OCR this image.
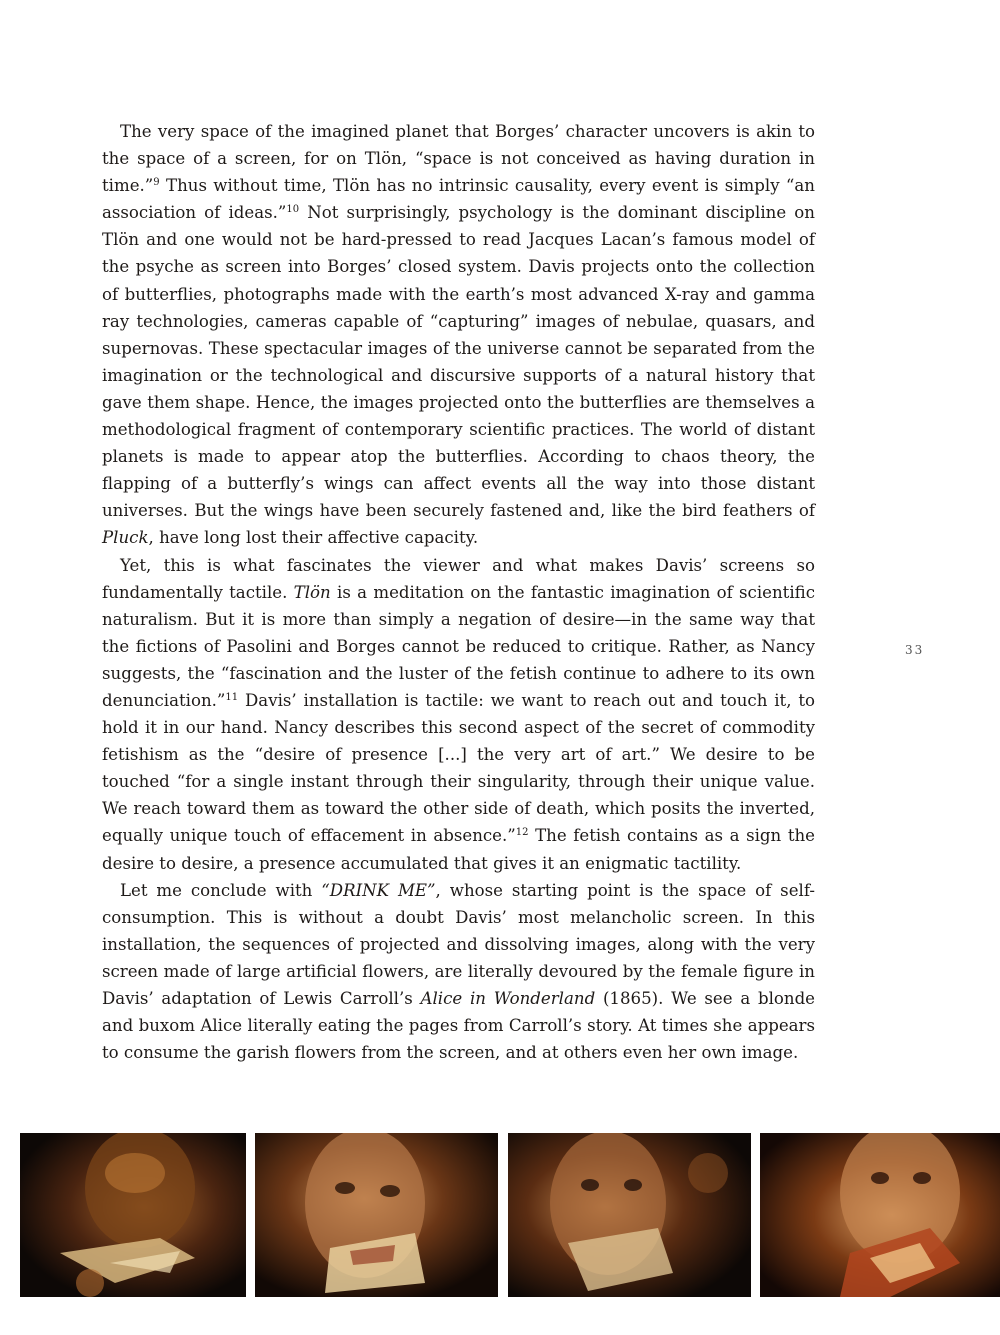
The very space of the imagined planet that Borges’ character uncovers is akin to the space of a screen, for on Tlön, “space is not conceived as having duration in time.”$^9$ Thus without time, Tlön has no intrinsic causality, every event is simply “an association of ideas.”$^{10}$ Not surprisingly, psychology is the dominant discipline on Tlön and one would not be hard-pressed to read Jacques Lacan’s famous model of the psyche as screen into Borges’ closed system. Davis projects onto the collection of butterflies, photographs made with the earth’s most advanced X-ray and gamma ray technologies, cameras capable of “capturing” images of nebulae, quasars, and supernovas. These spectacular images of the universe cannot be separated from the imagination or the technological and discursive supports of a natural history that gave them shape. Hence, the images projected onto the butterflies are themselves a methodological fragment of contemporary scientific practices. The world of distant planets is made to appear atop the butterflies. According to chaos theory, the flapping of a butterfly’s wings can affect events all the way into those distant universes. But the wings have been securely fastened and, like the bird feathers of Pluck, have long lost their affective capacity.

Yet, this is what fascinates the viewer and what makes Davis’ screens so fundamentally tactile. Tlön is a meditation on the fantastic imagination of scientific naturalism. But it is more than simply a negation of desire—in the same way that the fictions of Pasolini and Borges cannot be reduced to critique. Rather, as Nancy suggests, the “fascination and the luster of the fetish continue to adhere to its own denunciation.”$^{11}$ Davis’ installation is tactile: we want to reach out and touch it, to hold it in our hand. Nancy describes this second aspect of the secret of commodity fetishism as the “desire of presence [...] the very art of art.” We desire to be touched “for a single instant through their singularity, through their unique value. We reach toward them as toward the other side of death, which posits the inverted, equally unique touch of effacement in absence.”$^{12}$ The fetish contains as a sign the desire to desire, a presence accumulated that gives it an enigmatic tactility.

Let me conclude with “DRINK ME”, whose starting point is the space of self-consumption. This is without a doubt Davis’ most melancholic screen. In this installation, the sequences of projected and dissolving images, along with the very screen made of large artificial flowers, are literally devoured by the female figure in Davis’ adaptation of Lewis Carroll’s Alice in Wonderland (1865). We see a blonde and buxom Alice literally eating the pages from Carroll’s story. At times she appears to consume the garish flowers from the screen, and at others even her own image.

33
